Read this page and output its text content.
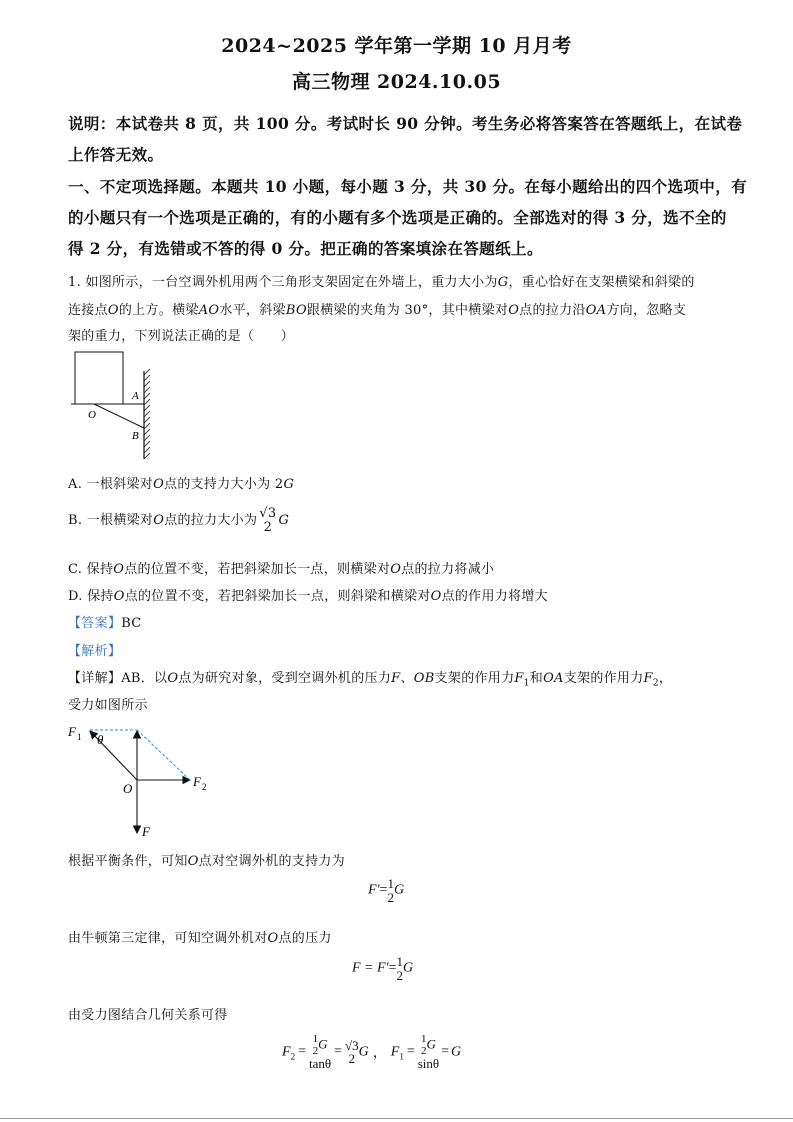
2024~2025 学年第一学期 10 月月考
高三物理 2024.10.05
说明：本试卷共 8 页，共 100 分。考试时长 90 分钟。考生务必将答案答在答题纸上，在试卷
上作答无效。
一、不定项选择题。本题共 10 小题，每小题 3 分，共 30 分。在每小题给出的四个选项中，有
的小题只有一个选项是正确的，有的小题有多个选项是正确的。全部选对的得 3 分，选不全的
得 2 分，有选错或不答的得 0 分。把正确的答案填涂在答题纸上。
1. 如图所示，一台空调外机用两个三角形支架固定在外墙上，重力大小为G，重心恰好在支架横梁和斜梁的
连接点O的上方。横梁AO水平，斜梁BO跟横梁的夹角为 30°，其中横梁对O点的拉力沿OA方向，忽略支
架的重力，下列说法正确的是（　　）
O
A
B
A. 一根斜梁对O点的支持力大小为 2G
B. 一根横梁对O点的拉力大小为 √3
2 G
C. 保持O点的位置不变，若把斜梁加长一点，则横梁对O点的拉力将减小
D. 保持O点的位置不变，若把斜梁加长一点，则斜梁和横梁对O点的作用力将增大
【答案】BC
【解析】
【详解】AB．以O点为研究对象，受到空调外机的压力F、OB支架的作用力$F_1$和OA支架的作用力$F_2$，
受力如图所示
F 1 θ
O	F 2
F
根据平衡条件，可知O点对空调外机的支持力为
F'= 1
2 G
由牛顿第三定律，可知空调外机对O点的压力
F = F'= 1
2 G
由受力图结合几何关系可得
$F_2$ =
1
2 G
tanθ
= √3
2 G ， $F_1$ =
1
2 G
sinθ
= G
